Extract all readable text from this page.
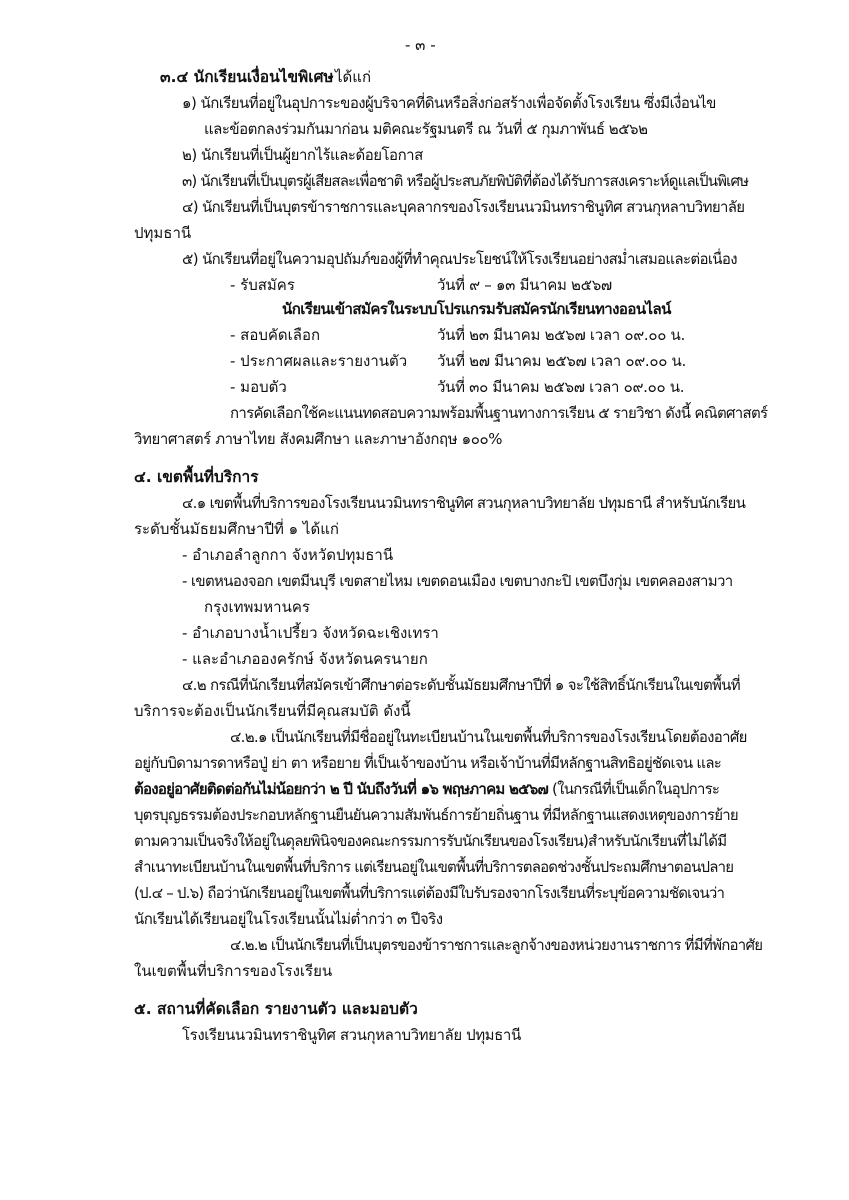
- ๓ -
๓.๔ นักเรียนเงื่อนไขพิเศษ ได้แก่
๑) นักเรียนที่อยู่ในอุปการะของผู้บริจาคที่ดินหรือสิ่งก่อสร้างเพื่อจัดตั้งโรงเรียน ซึ่งมีเงื่อนไข
และข้อตกลงร่วมกันมาก่อน มติคณะรัฐมนตรี ณ วันที่ ๕ กุมภาพันธ์ ๒๕๖๒
๒) นักเรียนที่เป็นผู้ยากไร้และด้อยโอกาส
๓) นักเรียนที่เป็นบุตรผู้เสียสละเพื่อชาติ หรือผู้ประสบภัยพิบัติที่ต้องได้รับการสงเคราะห์ดูแลเป็นพิเศษ
๔) นักเรียนที่เป็นบุตรข้าราชการและบุคลากรของโรงเรียนนวมินทราชินูทิศ สวนกุหลาบวิทยาลัย
ปทุมธานี
๕) นักเรียนที่อยู่ในความอุปถัมภ์ของผู้ที่ทำคุณประโยชน์ให้โรงเรียนอย่างสม่ำเสมอและต่อเนื่อง
- รับสมัคร	วันที่ ๙ – ๑๓ มีนาคม ๒๕๖๗
นักเรียนเข้าสมัครในระบบโปรแกรมรับสมัครนักเรียนทางออนไลน์
- สอบคัดเลือก	วันที่ ๒๓ มีนาคม ๒๕๖๗ เวลา ๐๙.๐๐ น.
- ประกาศผลและรายงานตัว วันที่ ๒๗ มีนาคม ๒๕๖๗ เวลา ๐๙.๐๐ น.
- มอบตัว	วันที่ ๓๐ มีนาคม ๒๕๖๗ เวลา ๐๙.๐๐ น.
การคัดเลือกใช้คะแนนทดสอบความพร้อมพื้นฐานทางการเรียน ๕ รายวิชา ดังนี้ คณิตศาสตร์
วิทยาศาสตร์ ภาษาไทย สังคมศึกษา และภาษาอังกฤษ ๑๐๐%
๔. เขตพื้นที่บริการ
๔.๑ เขตพื้นที่บริการของโรงเรียนนวมินทราชินูทิศ สวนกุหลาบวิทยาลัย ปทุมธานี สำหรับนักเรียน
ระดับชั้นมัธยมศึกษาปีที่ ๑ ได้แก่
- อำเภอลำลูกกา จังหวัดปทุมธานี
- เขตหนองจอก เขตมีนบุรี เขตสายไหม เขตดอนเมือง เขตบางกะปิ เขตบึงกุ่ม เขตคลองสามวา
กรุงเทพมหานคร
- อำเภอบางน้ำเปรี้ยว จังหวัดฉะเชิงเทรา
- และอำเภอองครักษ์ จังหวัดนครนายก
๔.๒ กรณีที่นักเรียนที่สมัครเข้าศึกษาต่อระดับชั้นมัธยมศึกษาปีที่ ๑ จะใช้สิทธิ์นักเรียนในเขตพื้นที่
บริการจะต้องเป็นนักเรียนที่มีคุณสมบัติ ดังนี้
๔.๒.๑ เป็นนักเรียนที่มีชื่ออยู่ในทะเบียนบ้านในเขตพื้นที่บริการของโรงเรียนโดยต้องอาศัย
อยู่กับบิดามารดาหรือปู่ ย่า ตา หรือยาย ที่เป็นเจ้าของบ้าน หรือเจ้าบ้านที่มีหลักฐานสิทธิอยู่ชัดเจน และ
ต้องอยู่อาศัยติดต่อกันไม่น้อยกว่า ๒ ปี นับถึงวันที่ ๑๖ พฤษภาคม ๒๕๖๗ (ในกรณีที่เป็นเด็กในอุปการะ
บุตรบุญธรรมต้องประกอบหลักฐานยืนยันความสัมพันธ์การย้ายถิ่นฐาน ที่มีหลักฐานแสดงเหตุของการย้าย
ตามความเป็นจริงให้อยู่ในดุลยพินิจของคณะกรรมการรับนักเรียนของโรงเรียน)สำหรับนักเรียนที่ไม่ได้มี
สำเนาทะเบียนบ้านในเขตพื้นที่บริการ แต่เรียนอยู่ในเขตพื้นที่บริการตลอดช่วงชั้นประถมศึกษาตอนปลาย
(ป.๔ – ป.๖) ถือว่านักเรียนอยู่ในเขตพื้นที่บริการแต่ต้องมีใบรับรองจากโรงเรียนที่ระบุข้อความชัดเจนว่า
นักเรียนได้เรียนอยู่ในโรงเรียนนั้นไม่ต่ำกว่า ๓ ปีจริง
๔.๒.๒ เป็นนักเรียนที่เป็นบุตรของข้าราชการและลูกจ้างของหน่วยงานราชการ ที่มีที่พักอาศัย
ในเขตพื้นที่บริการของโรงเรียน
๕. สถานที่คัดเลือก รายงานตัว และมอบตัว
โรงเรียนนวมินทราชินูทิศ สวนกุหลาบวิทยาลัย ปทุมธานี
